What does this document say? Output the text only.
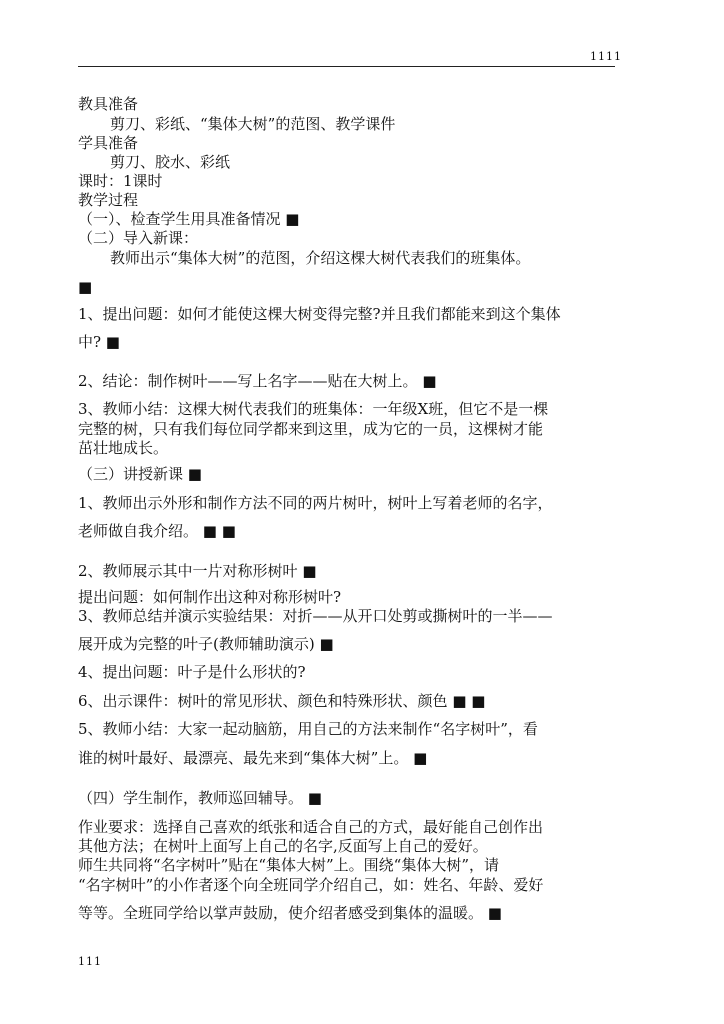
1111
教具准备
剪刀、彩纸、“集体大树”的范图、教学课件
学具准备
剪刀、胶水、彩纸
课时：1课时
教学过程
（一）、检查学生用具准备情况 ■
（二）导入新课：
教师出示“集体大树”的范图，介绍这棵大树代表我们的班集体。
■
1、提出问题：如何才能使这棵大树变得完整?并且我们都能来到这个集体
中? ■
2、结论：制作树叶——写上名字——贴在大树上。 ■
3、教师小结：这棵大树代表我们的班集体：一年级X班，但它不是一棵
完整的树，只有我们每位同学都来到这里，成为它的一员，这棵树才能
茁壮地成长。
（三）讲授新课 ■
1、教师出示外形和制作方法不同的两片树叶，树叶上写着老师的名字，
老师做自我介绍。 ■ ■
2、教师展示其中一片对称形树叶 ■
提出问题：如何制作出这种对称形树叶?
3、教师总结并演示实验结果：对折——从开口处剪或撕树叶的一半——
展开成为完整的叶子(教师辅助演示) ■
4、提出问题：叶子是什么形状的?
6、出示课件：树叶的常见形状、颜色和特殊形状、颜色 ■ ■
5、教师小结：大家一起动脑筋，用自己的方法来制作“名字树叶”，看
谁的树叶最好、最漂亮、最先来到“集体大树”上。 ■
（四）学生制作，教师巡回辅导。 ■
作业要求：选择自己喜欢的纸张和适合自己的方式，最好能自己创作出
其他方法；在树叶上面写上自己的名字,反面写上自己的爱好。
师生共同将“名字树叶”贴在“集体大树”上。围绕“集体大树”，请
“名字树叶”的小作者逐个向全班同学介绍自己，如：姓名、年龄、爱好
等等。全班同学给以掌声鼓励，使介绍者感受到集体的温暖。 ■
111
